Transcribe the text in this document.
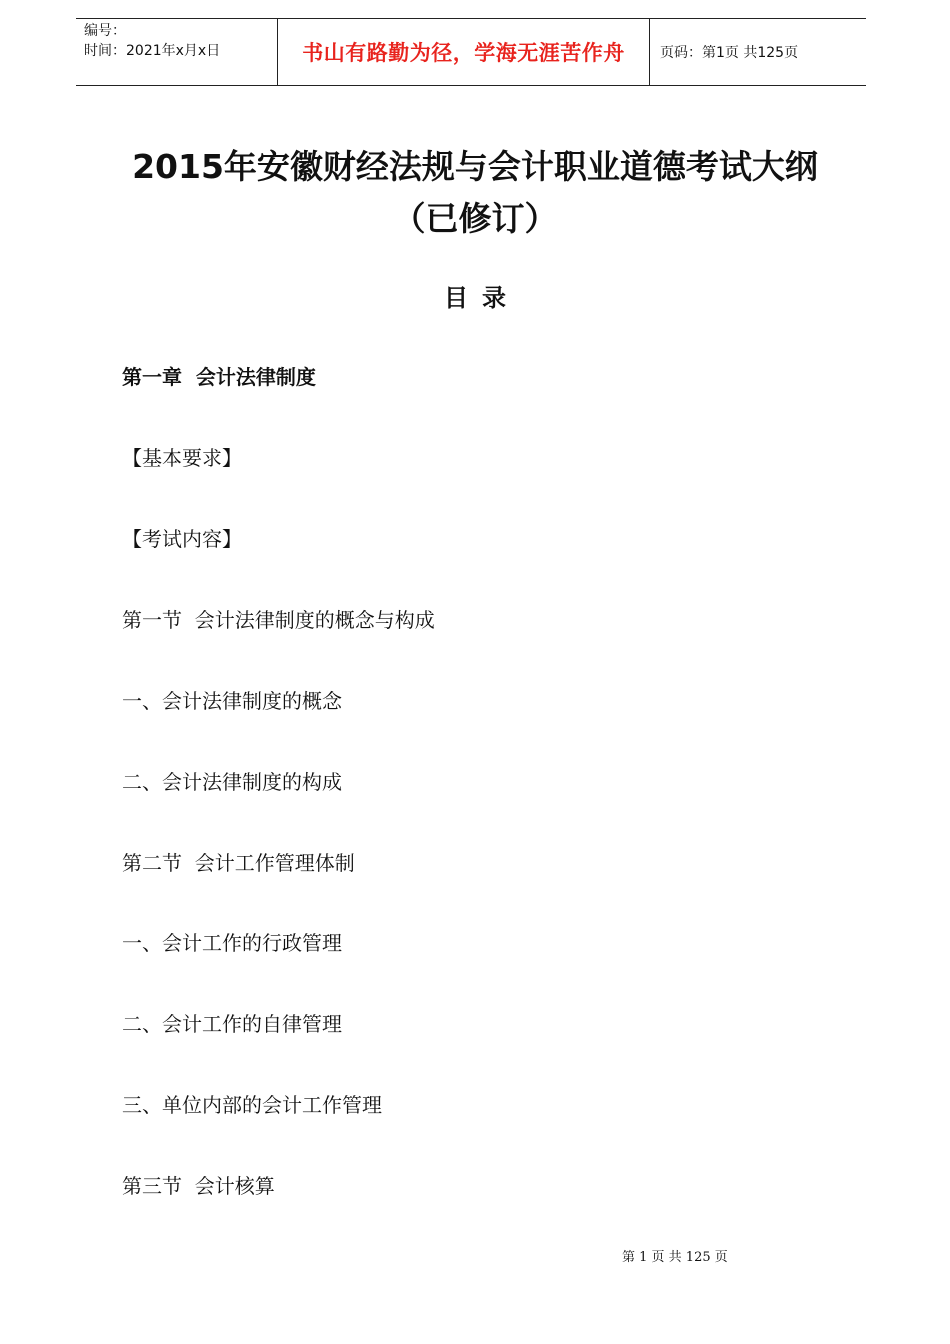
编号：
时间：2021年x月x日	书山有路勤为径，学海无涯苦作舟	页码：第1页 共125页
2015年安徽财经法规与会计职业道德考试大纲
（已修订）
目录
第一章  会计法律制度
【基本要求】
【考试内容】
第一节  会计法律制度的概念与构成
一、会计法律制度的概念
二、会计法律制度的构成
第二节  会计工作管理体制
一、会计工作的行政管理
二、会计工作的自律管理
三、单位内部的会计工作管理
第三节  会计核算
第 1 页 共 125 页
